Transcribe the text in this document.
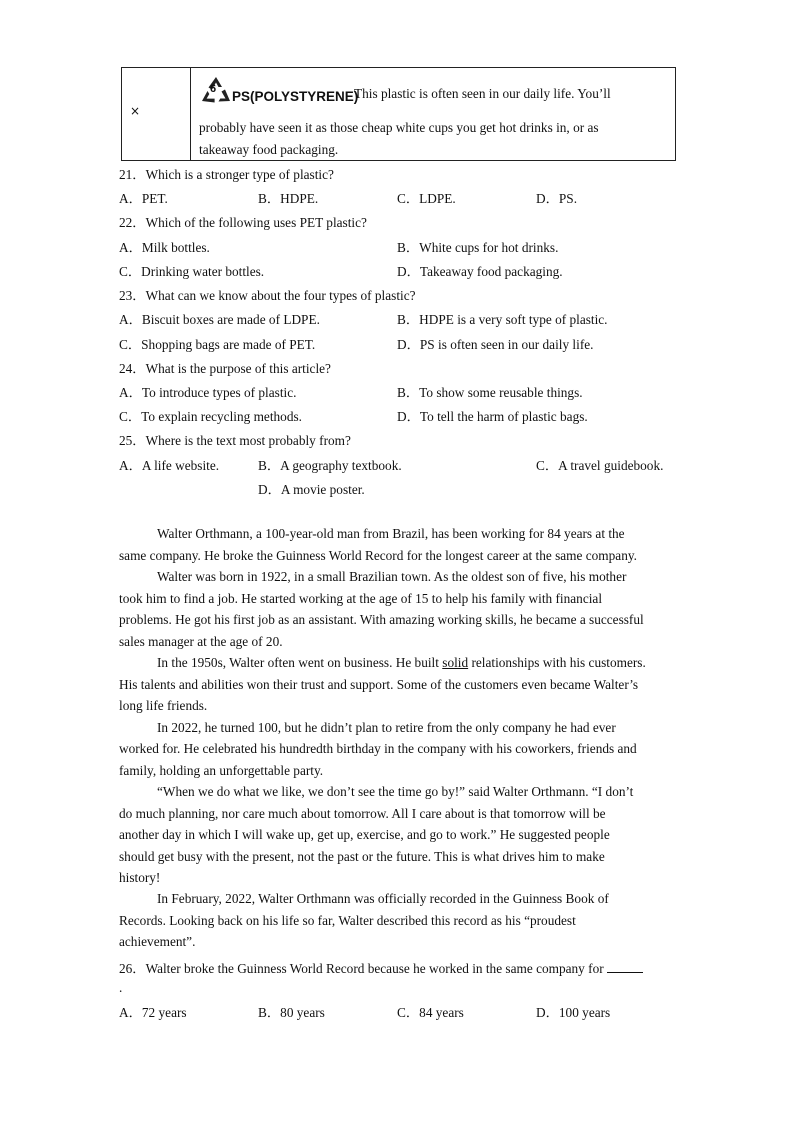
×
6 PS(POLYSTYRENE)
This plastic is often seen in our daily life. You’ll
probably have seen it as those cheap white cups you get hot drinks in, or as
takeaway food packaging.
21．Which is a stronger type of plastic?
A．PET.	B．HDPE.	C．LDPE.	D．PS.
22．Which of the following uses PET plastic?
A．Milk bottles.	B．White cups for hot drinks.
C．Drinking water bottles.	D．Takeaway food packaging.
23．What can we know about the four types of plastic?
A．Biscuit boxes are made of LDPE.	B．HDPE is a very soft type of plastic.
C．Shopping bags are made of PET.	D．PS is often seen in our daily life.
24．What is the purpose of this article?
A．To introduce types of plastic.	B．To show some reusable things.
C．To explain recycling methods.	D．To tell the harm of plastic bags.
25．Where is the text most probably from?
A．A life website.	B．A geography textbook.	C．A travel guidebook.
D．A movie poster.
Walter Orthmann, a 100-year-old man from Brazil, has been working for 84 years at the
same company. He broke the Guinness World Record for the longest career at the same company.
Walter was born in 1922, in a small Brazilian town. As the oldest son of five, his mother
took him to find a job. He started working at the age of 15 to help his family with financial
problems. He got his first job as an assistant. With amazing working skills, he became a successful
sales manager at the age of 20.
In the 1950s, Walter often went on business. He built solid relationships with his customers.
His talents and abilities won their trust and support. Some of the customers even became Walter’s
long life friends.
In 2022, he turned 100, but he didn’t plan to retire from the only company he had ever
worked for. He celebrated his hundredth birthday in the company with his coworkers, friends and
family, holding an unforgettable party.
“When we do what we like, we don’t see the time go by!” said Walter Orthmann. “I don’t
do much planning, nor care much about tomorrow. All I care about is that tomorrow will be
another day in which I will wake up, get up, exercise, and go to work.” He suggested people
should get busy with the present, not the past or the future. This is what drives him to make
history!
In February, 2022, Walter Orthmann was officially recorded in the Guinness Book of
Records. Looking back on his life so far, Walter described this record as his “proudest
achievement”.
26．Walter broke the Guinness World Record because he worked in the same company for
.
A．72 years	B．80 years	C．84 years	D．100 years
